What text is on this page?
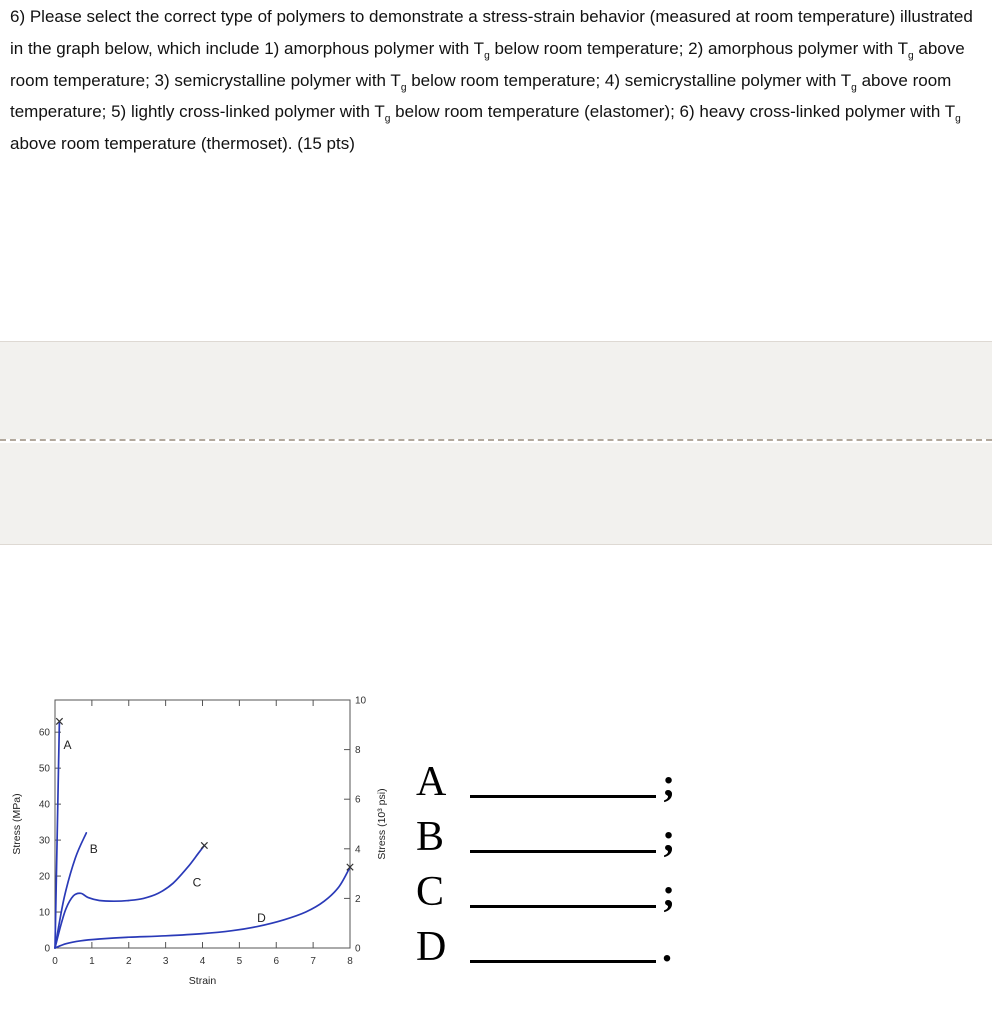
6) Please select the correct type of polymers to demonstrate a stress-strain behavior (measured at room temperature) illustrated in the graph below, which include 1) amorphous polymer with $T_g$ below room temperature; 2) amorphous polymer with $T_g$ above room temperature; 3) semicrystalline polymer with $T_g$ below room temperature; 4) semicrystalline polymer with $T_g$ above room temperature; 5) lightly cross-linked polymer with $T_g$ below room temperature (elastomer); 6) heavy cross-linked polymer with $T_g$ above room temperature (thermoset). (15 pts)

0	1	2	3	4	5	6	7	8
0
10
20
30
40
50
60
0
2
4
6
8
10
Strain
Stress (MPa)	Stress (10³ psi)
A
B
C
D
A	;
B	;
C	;
D	.
